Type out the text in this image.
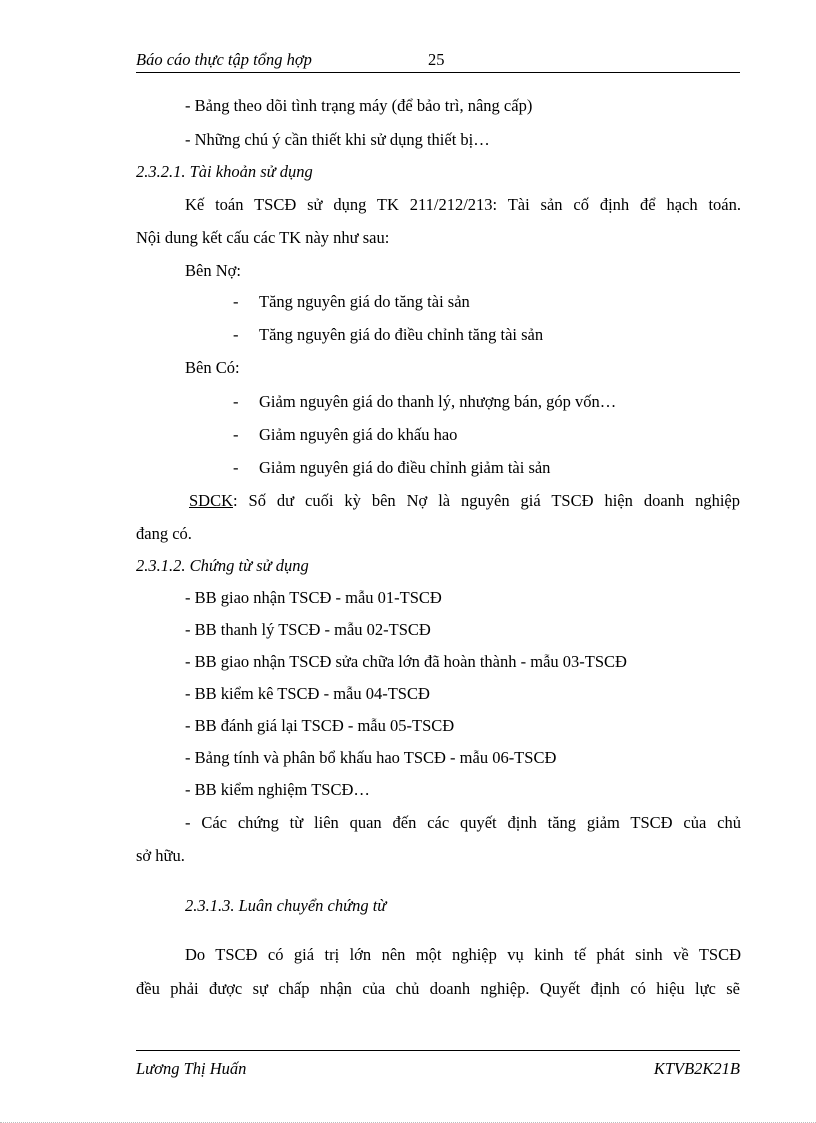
Báo cáo thực tập tổng hợp	25
- Bảng theo dõi tình trạng máy (để bảo trì, nâng cấp)
- Những chú ý cần thiết khi sử dụng thiết bị…
2.3.2.1. Tài khoản sử dụng
Kế toán TSCĐ sử dụng TK 211/212/213: Tài sản cố định để hạch toán.
Nội dung kết cấu các TK này như sau:
Bên Nợ:
- Tăng nguyên giá do tăng tài sản
- Tăng nguyên giá do điều chỉnh tăng tài sản
Bên Có:
- Giảm nguyên giá do thanh lý, nhượng bán, góp vốn…
- Giảm nguyên giá do khấu hao
- Giảm nguyên giá do điều chỉnh giảm tài sản
SDCK: Số dư cuối kỳ bên Nợ là nguyên giá TSCĐ hiện doanh nghiệp
đang có.
2.3.1.2. Chứng từ sử dụng
- BB giao nhận TSCĐ - mẫu 01-TSCĐ
- BB thanh lý TSCĐ - mẫu 02-TSCĐ
- BB giao nhận TSCĐ sửa chữa lớn đã hoàn thành - mẫu 03-TSCĐ
- BB kiểm kê TSCĐ - mẫu 04-TSCĐ
- BB đánh giá lại TSCĐ - mẫu 05-TSCĐ
- Bảng tính và phân bổ khấu hao TSCĐ - mẫu 06-TSCĐ
- BB kiểm nghiệm TSCĐ…
- Các chứng từ liên quan đến các quyết định tăng giảm TSCĐ của chủ
sở hữu.
2.3.1.3. Luân chuyển chứng từ
Do TSCĐ có giá trị lớn nên một nghiệp vụ kinh tế phát sinh về TSCĐ
đều phải được sự chấp nhận của chủ doanh nghiệp. Quyết định có hiệu lực sẽ
Lương Thị Huấn	KTVB2K21B
